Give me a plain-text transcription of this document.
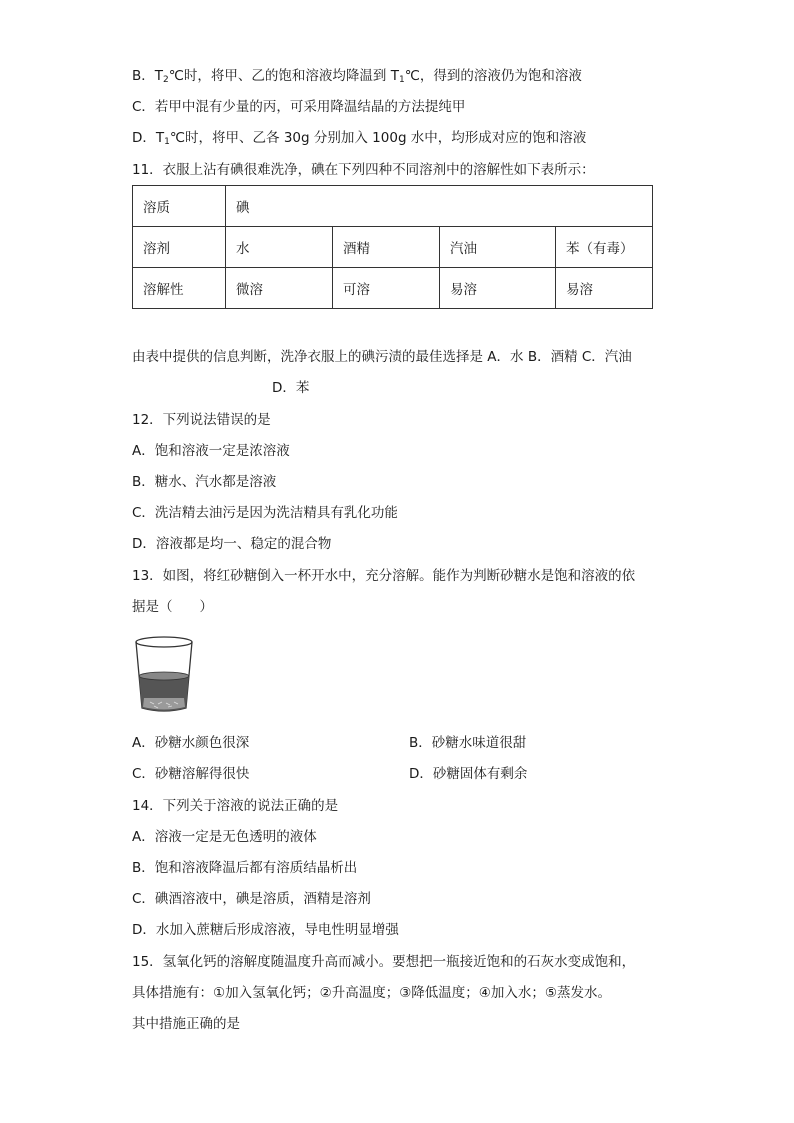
B．$T_2℃$时，将甲、乙的饱和溶液均降温到 $T_1℃$，得到的溶液仍为饱和溶液
C．若甲中混有少量的丙，可采用降温结晶的方法提纯甲
D．$T_1℃$时，将甲、乙各 30g 分别加入 100g 水中，均形成对应的饱和溶液
11．衣服上沾有碘很难洗净，碘在下列四种不同溶剂中的溶解性如下表所示：
溶质	碘			
溶剂	水	酒精	汽油	苯（有毒）
溶解性	微溶	可溶	易溶	易溶
由表中提供的信息判断，洗净衣服上的碘污渍的最佳选择是 A．水 B．酒精 C．汽油
D．苯
12．下列说法错误的是
A．饱和溶液一定是浓溶液
B．糖水、汽水都是溶液
C．洗洁精去油污是因为洗洁精具有乳化功能
D．溶液都是均一、稳定的混合物
13．如图，将红砂糖倒入一杯开水中，充分溶解。能作为判断砂糖水是饱和溶液的依
据是（　　）
A．砂糖水颜色很深	B．砂糖水味道很甜
C．砂糖溶解得很快	D．砂糖固体有剩余
14．下列关于溶液的说法正确的是
A．溶液一定是无色透明的液体
B．饱和溶液降温后都有溶质结晶析出
C．碘酒溶液中，碘是溶质，酒精是溶剂
D．水加入蔗糖后形成溶液，导电性明显增强
15．氢氧化钙的溶解度随温度升高而减小。要想把一瓶接近饱和的石灰水变成饱和，
具体措施有：①加入氢氧化钙；②升高温度；③降低温度；④加入水；⑤蒸发水。
其中措施正确的是
